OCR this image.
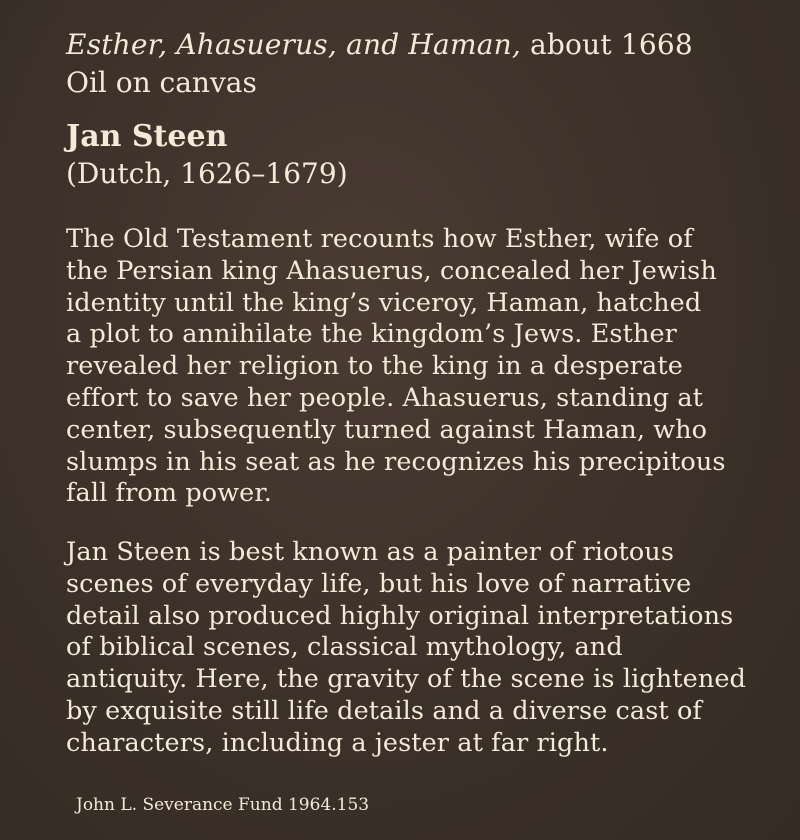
Esther, Ahasuerus, and Haman, about 1668
Oil on canvas
Jan Steen
(Dutch, 1626–1679)
The Old Testament recounts how Esther, wife of
the Persian king Ahasuerus, concealed her Jewish
identity until the king’s viceroy, Haman, hatched
a plot to annihilate the kingdom’s Jews. Esther
revealed her religion to the king in a desperate
effort to save her people. Ahasuerus, standing at
center, subsequently turned against Haman, who
slumps in his seat as he recognizes his precipitous
fall from power.
Jan Steen is best known as a painter of riotous
scenes of everyday life, but his love of narrative
detail also produced highly original interpretations
of biblical scenes, classical mythology, and
antiquity. Here, the gravity of the scene is lightened
by exquisite still life details and a diverse cast of
characters, including a jester at far right.
John L. Severance Fund 1964.153
